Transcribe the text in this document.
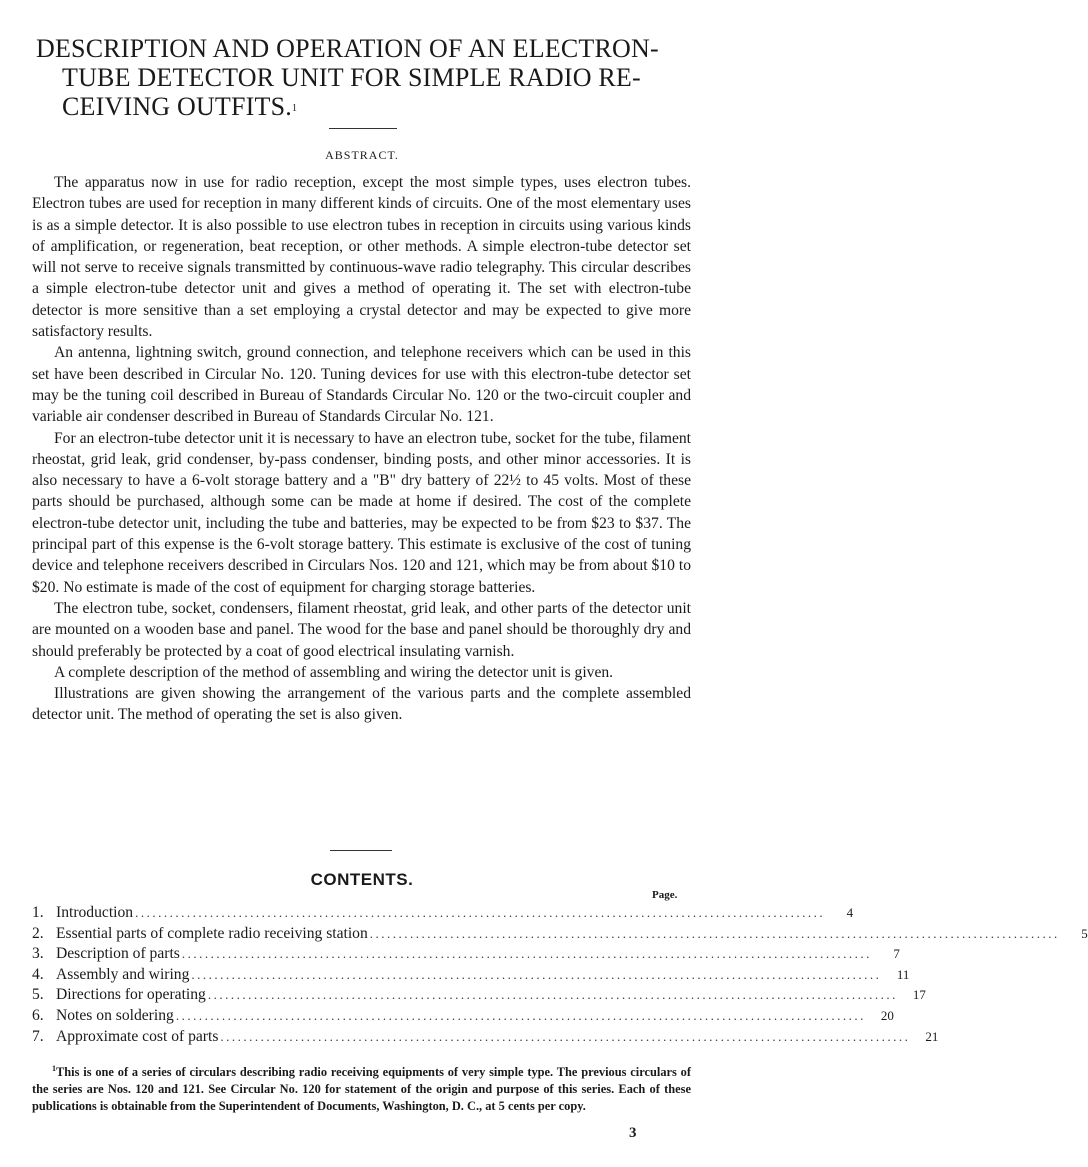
DESCRIPTION AND OPERATION OF AN ELECTRON-
TUBE DETECTOR UNIT FOR SIMPLE RADIO RE-
CEIVING OUTFITS.$^1$
ABSTRACT.

The apparatus now in use for radio reception, except the most simple types, uses electron tubes. Electron tubes are used for reception in many different kinds of circuits. One of the most elementary uses is as a simple detector. It is also possible to use electron tubes in reception in circuits using various kinds of amplification, or regeneration, beat reception, or other methods. A simple electron-tube detector set will not serve to receive signals transmitted by continuous-wave radio telegraphy. This circular describes a simple electron-tube detector unit and gives a method of operating it. The set with electron-tube detector is more sensitive than a set employing a crystal detector and may be expected to give more satisfactory results.

An antenna, lightning switch, ground connection, and telephone receivers which can be used in this set have been described in Circular No. 120. Tuning devices for use with this electron-tube detector set may be the tuning coil described in Bureau of Standards Circular No. 120 or the two-circuit coupler and variable air condenser described in Bureau of Standards Circular No. 121.

For an electron-tube detector unit it is necessary to have an electron tube, socket for the tube, filament rheostat, grid leak, grid condenser, by-pass condenser, binding posts, and other minor accessories. It is also necessary to have a 6-volt storage battery and a "B" dry battery of 22½ to 45 volts. Most of these parts should be purchased, although some can be made at home if desired. The cost of the complete electron-tube detector unit, including the tube and batteries, may be expected to be from $23 to $37. The principal part of this expense is the 6-volt storage battery. This estimate is exclusive of the cost of tuning device and telephone receivers described in Circulars Nos. 120 and 121, which may be from about $10 to $20. No estimate is made of the cost of equipment for charging storage batteries.

The electron tube, socket, condensers, filament rheostat, grid leak, and other parts of the detector unit are mounted on a wooden base and panel. The wood for the base and panel should be thoroughly dry and should preferably be protected by a coat of good electrical insulating varnish.

A complete description of the method of assembling and wiring the detector unit is given.

Illustrations are given showing the arrangement of the various parts and the complete assembled detector unit. The method of operating the set is also given.

CONTENTS.
Page.
1. Introduction ........................................................................................................................	4
2. Essential parts of complete radio receiving station ........................................................................................................................	5
3. Description of parts ........................................................................................................................	7
4. Assembly and wiring ........................................................................................................................	11
5. Directions for operating ........................................................................................................................	17
6. Notes on soldering ........................................................................................................................	20
7. Approximate cost of parts ........................................................................................................................	21

$^1$This is one of a series of circulars describing radio receiving equipments of very simple type. The previous circulars of the series are Nos. 120 and 121. See Circular No. 120 for statement of the origin and purpose of this series. Each of these publications is obtainable from the Superintendent of Documents, Washington, D. C., at 5 cents per copy.

3
